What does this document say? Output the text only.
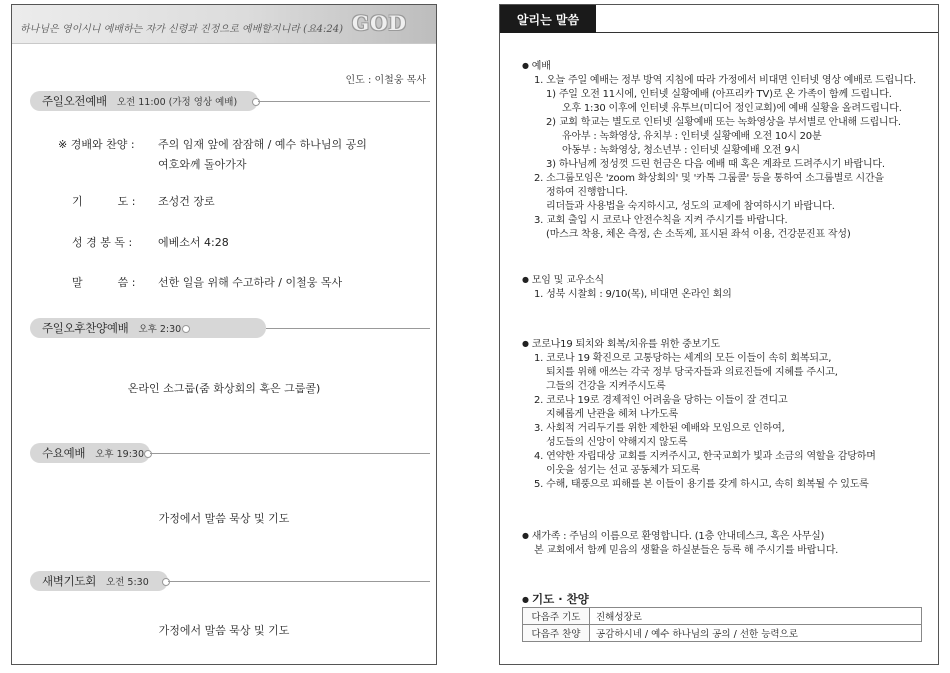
하나님은 영이시니 예배하는 자가 신령과 진정으로 예배할지니라 (요4:24) GOD
인도 : 이철웅 목사
주일오전예배 오전 11:00 (가정 영상 예배)
※ 경배와 찬양 : 주의 임재 앞에 잠잠해 / 예수 하나님의 공의
여호와께 돌아가자
기          도 : 조성건 장로
성 경 봉 독 : 에베소서 4:28
말          씀 : 선한 일을 위해 수고하라 / 이철웅 목사
주일오후찬양예배 오후 2:30
온라인 소그룹(줌 화상회의 혹은 그룹콜)
수요예배 오후 19:30
가정에서 말씀 묵상 및 기도
새벽기도회 오전 5:30
가정에서 말씀 묵상 및 기도
알리는 말씀
● 예배
1. 오늘 주일 예배는 정부 방역 지침에 따라 가정에서 비대면 인터넷 영상 예배로 드립니다.
1) 주일 오전 11시에, 인터넷 실황예배 (아프리카 TV)로 온 가족이 함께 드립니다.
오후 1:30 이후에 인터넷 유투브(미디어 정인교회)에 예배 실황을 올려드립니다.
2) 교회 학교는 별도로 인터넷 실황예배 또는 녹화영상을 부서별로 안내해 드립니다.
유아부 : 녹화영상, 유치부 : 인터넷 실황예배 오전 10시 20분
아동부 : 녹화영상, 청소년부 : 인터넷 실황예배 오전 9시
3) 하나님께 정성껏 드린 헌금은 다음 예배 때 혹은 계좌로 드려주시기 바랍니다.
2. 소그룹모임은 'zoom 화상회의' 및 '카톡 그룹콜' 등을 통하여 소그룹별로 시간을
정하여 진행합니다.
리더들과 사용법을 숙지하시고, 성도의 교제에 참여하시기 바랍니다.
3. 교회 출입 시 코로나 안전수칙을 지켜 주시기를 바랍니다.
(마스크 착용, 체온 측정, 손 소독제, 표시된 좌석 이용, 건강문진표 작성)
● 모임 및 교우소식
1. 성북 시찰회 : 9/10(목), 비대면 온라인 회의
● 코로나19 퇴치와 회복/치유를 위한 중보기도
1. 코로나 19 확진으로 고통당하는 세계의 모든 이들이 속히 회복되고,
퇴치를 위해 애쓰는 각국 정부 당국자들과 의료진들에 지혜를 주시고,
그들의 건강을 지켜주시도록
2. 코로나 19로 경제적인 어려움을 당하는 이들이 잘 견디고
지혜롭게 난관을 헤쳐 나가도록
3. 사회적 거리두기를 위한 제한된 예배와 모임으로 인하여,
성도들의 신앙이 약해지지 않도록
4. 연약한 자립대상 교회를 지켜주시고, 한국교회가 빛과 소금의 역할을 감당하며
이웃을 섬기는 선교 공동체가 되도록
5. 수해, 태풍으로 피해를 본 이들이 용기를 갖게 하시고, 속히 회복될 수 있도록
● 새가족 : 주님의 이름으로 환영합니다. (1층 안내데스크, 혹은 사무실)
본 교회에서 함께 믿음의 생활을 하실분들은 등록 해 주시기를 바랍니다.
● 기도 · 찬양
다음주 기도	진해성장로
다음주 찬양	공감하시네 / 예수 하나님의 공의 / 선한 능력으로
